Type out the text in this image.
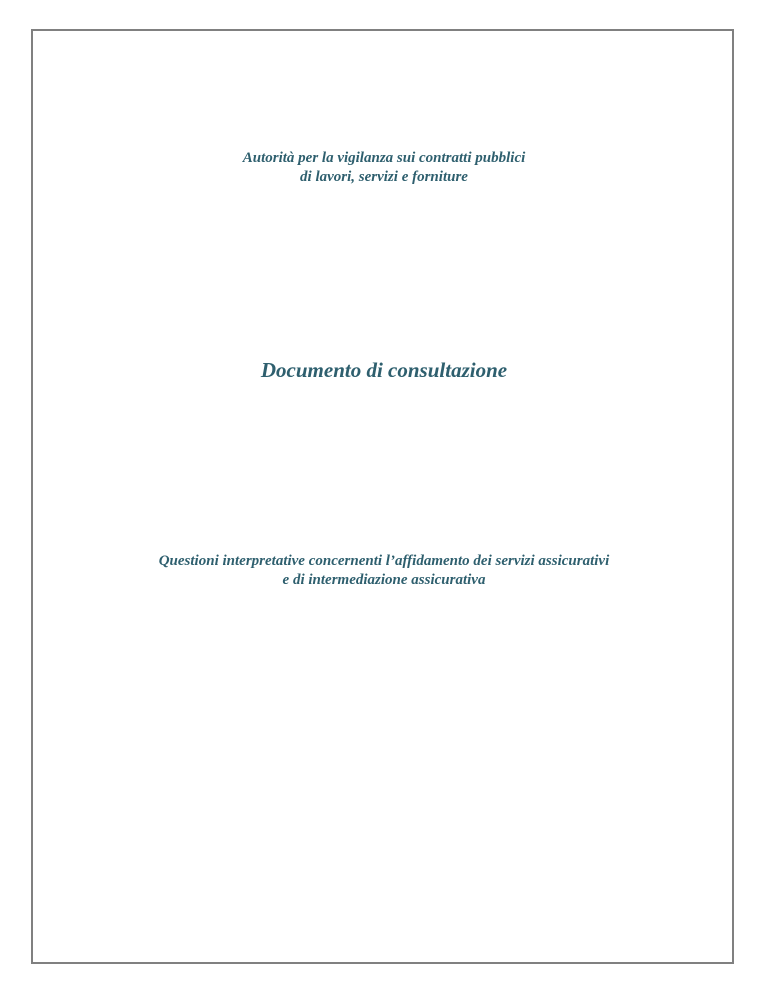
Autorità per la vigilanza sui contratti pubblici
di lavori, servizi e forniture
Documento di consultazione
Questioni interpretative concernenti l’affidamento dei servizi assicurativi
e di intermediazione assicurativa
